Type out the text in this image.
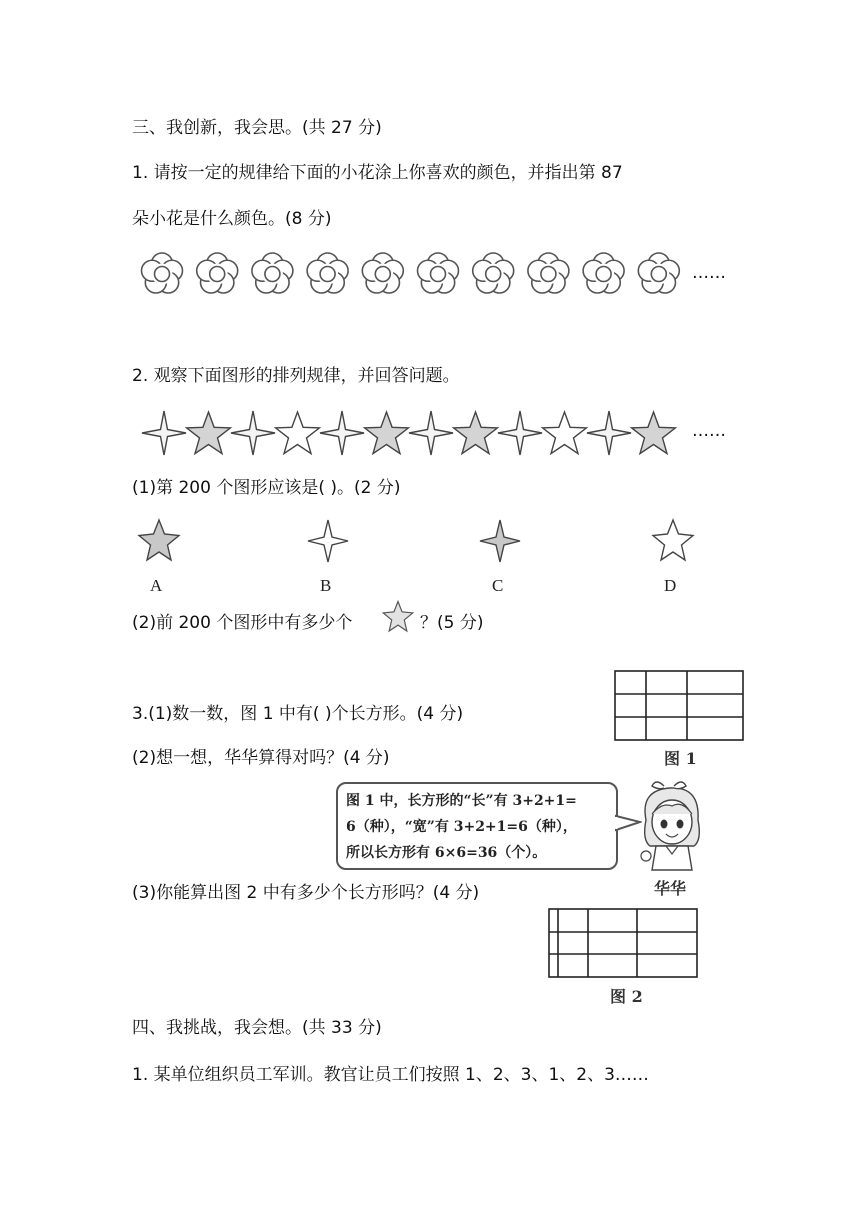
三、我创新，我会思。(共 27 分)
1. 请按一定的规律给下面的小花涂上你喜欢的颜色，并指出第 87
朵小花是什么颜色。(8 分)
……
2. 观察下面图形的排列规律，并回答问题。
……
(1)第 200 个图形应该是( )。(2 分)
A	B	C	D
(2)前 200 个图形中有多少个	？(5 分)
3.(1)数一数，图 1 中有( )个长方形。(4 分)
图 1
(2)想一想，华华算得对吗？(4 分)
图 1 中，长方形的“长”有 3+2+1=
6（种），“宽”有 3+2+1=6（种），
所以长方形有 6×6=36（个）。
华华
(3)你能算出图 2 中有多少个长方形吗？(4 分)
图 2
四、我挑战，我会想。(共 33 分)
1. 某单位组织员工军训。教官让员工们按照 1、2、3、1、2、3……
